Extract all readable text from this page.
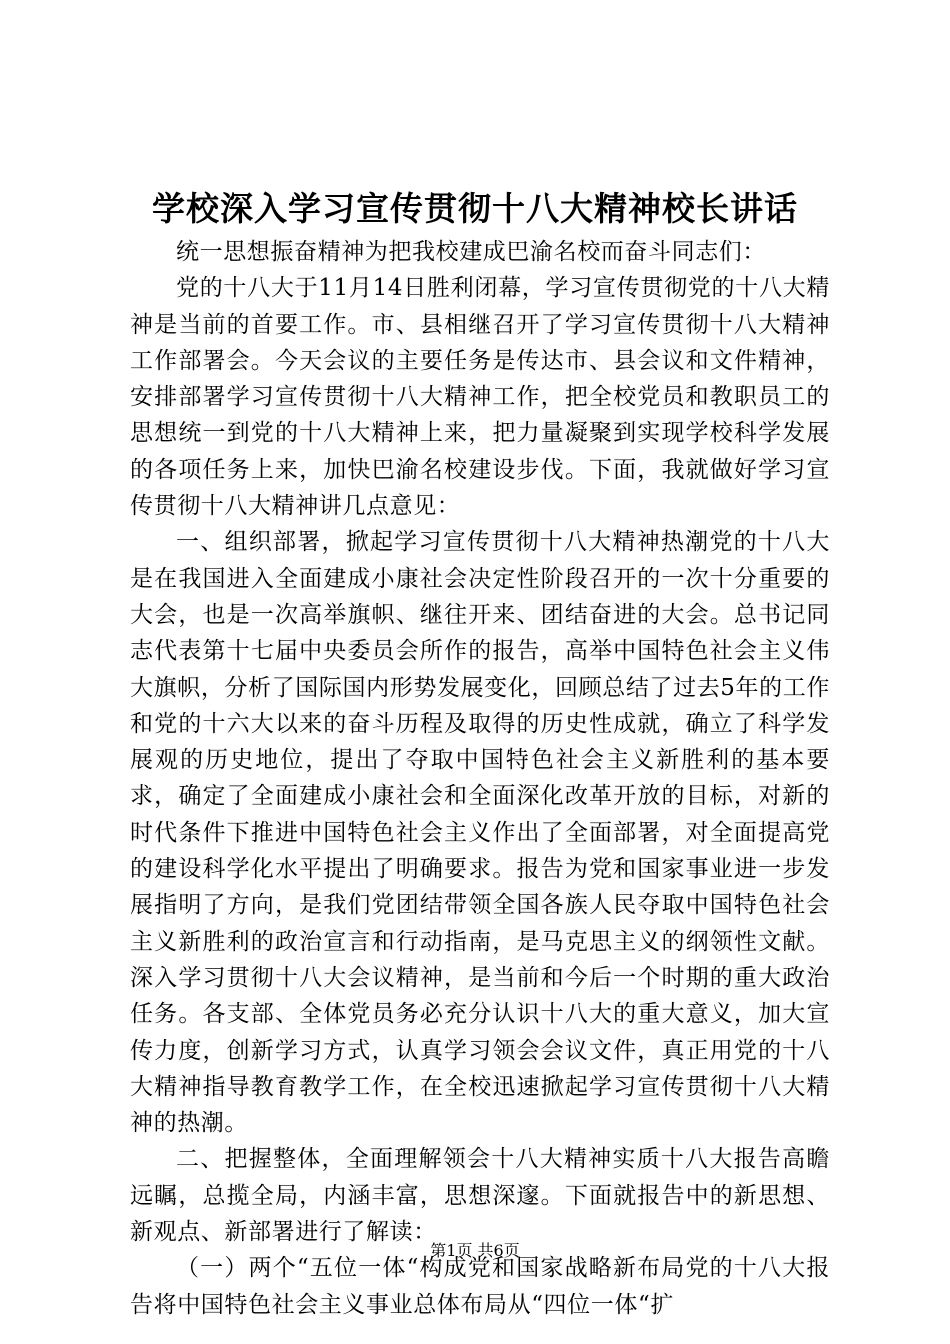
学校深入学习宣传贯彻十八大精神校长讲话

统一思想振奋精神为把我校建成巴渝名校而奋斗同志们：

党的十八大于11月14日胜利闭幕，学习宣传贯彻党的十八大精神是当前的首要工作。市、县相继召开了学习宣传贯彻十八大精神工作部署会。今天会议的主要任务是传达市、县会议和文件精神，安排部署学习宣传贯彻十八大精神工作，把全校党员和教职员工的思想统一到党的十八大精神上来，把力量凝聚到实现学校科学发展的各项任务上来，加快巴渝名校建设步伐。下面，我就做好学习宣传贯彻十八大精神讲几点意见：

一、组织部署，掀起学习宣传贯彻十八大精神热潮党的十八大是在我国进入全面建成小康社会决定性阶段召开的一次十分重要的大会，也是一次高举旗帜、继往开来、团结奋进的大会。总书记同志代表第十七届中央委员会所作的报告，高举中国特色社会主义伟大旗帜，分析了国际国内形势发展变化，回顾总结了过去5年的工作和党的十六大以来的奋斗历程及取得的历史性成就，确立了科学发展观的历史地位，提出了夺取中国特色社会主义新胜利的基本要求，确定了全面建成小康社会和全面深化改革开放的目标，对新的时代条件下推进中国特色社会主义作出了全面部署，对全面提高党的建设科学化水平提出了明确要求。报告为党和国家事业进一步发展指明了方向，是我们党团结带领全国各族人民夺取中国特色社会主义新胜利的政治宣言和行动指南，是马克思主义的纲领性文献。深入学习贯彻十八大会议精神，是当前和今后一个时期的重大政治任务。各支部、全体党员务必充分认识十八大的重大意义，加大宣传力度，创新学习方式，认真学习领会会议文件，真正用党的十八大精神指导教育教学工作，在全校迅速掀起学习宣传贯彻十八大精神的热潮。

二、把握整体，全面理解领会十八大精神实质十八大报告高瞻远瞩，总揽全局，内涵丰富，思想深邃。下面就报告中的新思想、新观点、新部署进行了解读：

（一）两个“五位一体“构成党和国家战略新布局党的十八大报告将中国特色社会主义事业总体布局从“四位一体“扩

第1页 共6页
